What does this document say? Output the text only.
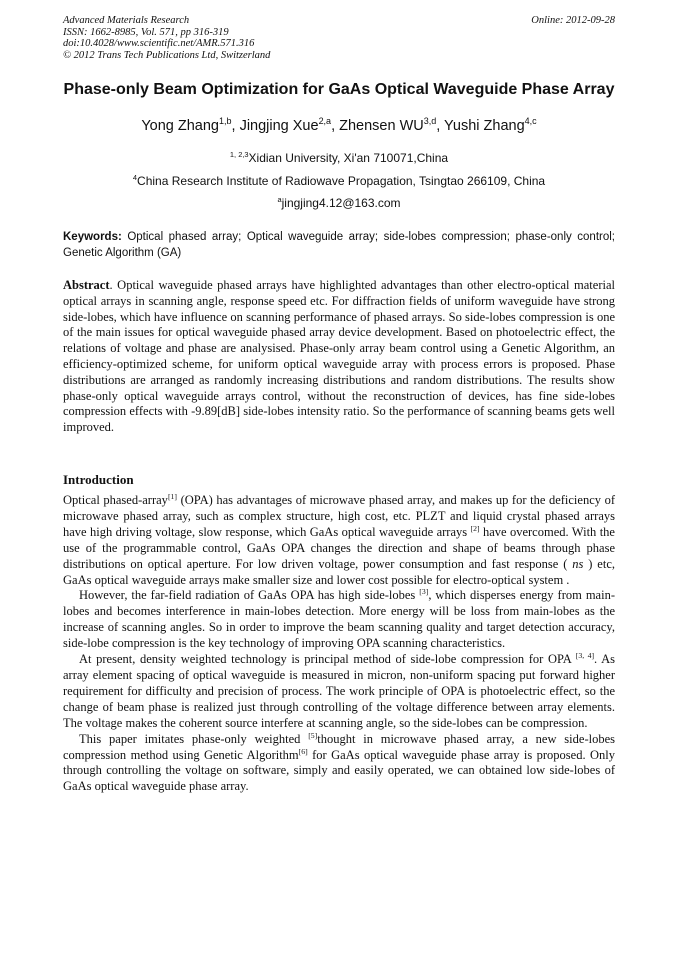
Advanced Materials Research
ISSN: 1662-8985, Vol. 571, pp 316-319
doi:10.4028/www.scientific.net/AMR.571.316
© 2012 Trans Tech Publications Ltd, Switzerland
Online: 2012-09-28
Phase-only Beam Optimization for GaAs Optical Waveguide Phase Array
Yong Zhang$^{1,b}$, Jingjing Xue$^{2,a}$, Zhensen WU$^{3,d}$, Yushi Zhang$^{4,c}$
$^{1, 2,3}$Xidian University, Xi'an 710071,China
$^4$China Research Institute of Radiowave Propagation, Tsingtao 266109, China
$^a$jingjing4.12@163.com
Keywords: Optical phased array; Optical waveguide array; side-lobes compression; phase-only control; Genetic Algorithm (GA)
Abstract. Optical waveguide phased arrays have highlighted advantages than other electro-optical material optical arrays in scanning angle, response speed etc. For diffraction fields of uniform waveguide have strong side-lobes, which have influence on scanning performance of phased arrays. So side-lobes compression is one of the main issues for optical waveguide phased array device development. Based on photoelectric effect, the relations of voltage and phase are analysised. Phase-only array beam control using a Genetic Algorithm, an efficiency-optimized scheme, for uniform optical waveguide array with process errors is proposed. Phase distributions are arranged as randomly increasing distributions and random distributions. The results show phase-only optical waveguide arrays control, without the reconstruction of devices, has fine side-lobes compression effects with -9.89[dB] side-lobes intensity ratio. So the performance of scanning beams gets well improved.
Introduction

Optical phased-array[1] (OPA) has advantages of microwave phased array, and makes up for the deficiency of microwave phased array, such as complex structure, high cost, etc. PLZT and liquid crystal phased arrays have high driving voltage, slow response, which GaAs optical waveguide arrays [2] have overcomed. With the use of the programmable control, GaAs OPA changes the direction and shape of beams through phase distributions on optical aperture. For low driven voltage, power consumption and fast response ( ns ) etc, GaAs optical waveguide arrays make smaller size and lower cost possible for electro-optical system .

However, the far-field radiation of GaAs OPA has high side-lobes [3], which disperses energy from main-lobes and becomes interference in main-lobes detection. More energy will be loss from main-lobes as the increase of scanning angles. So in order to improve the beam scanning quality and target detection accuracy, side-lobe compression is the key technology of improving OPA scanning characteristics.

At present, density weighted technology is principal method of side-lobe compression for OPA [3, 4]. As array element spacing of optical waveguide is measured in micron, non-uniform spacing put forward higher requirement for difficulty and precision of process. The work principle of OPA is photoelectric effect, so the change of beam phase is realized just through controlling of the voltage difference between array elements. The voltage makes the coherent source interfere at scanning angle, so the side-lobes can be compression.

This paper imitates phase-only weighted [5]thought in microwave phased array, a new side-lobes compression method using Genetic Algorithm[6] for GaAs optical waveguide phase array is proposed. Only through controlling the voltage on software, simply and easily operated, we can obtained low side-lobes of GaAs optical waveguide phase array.
